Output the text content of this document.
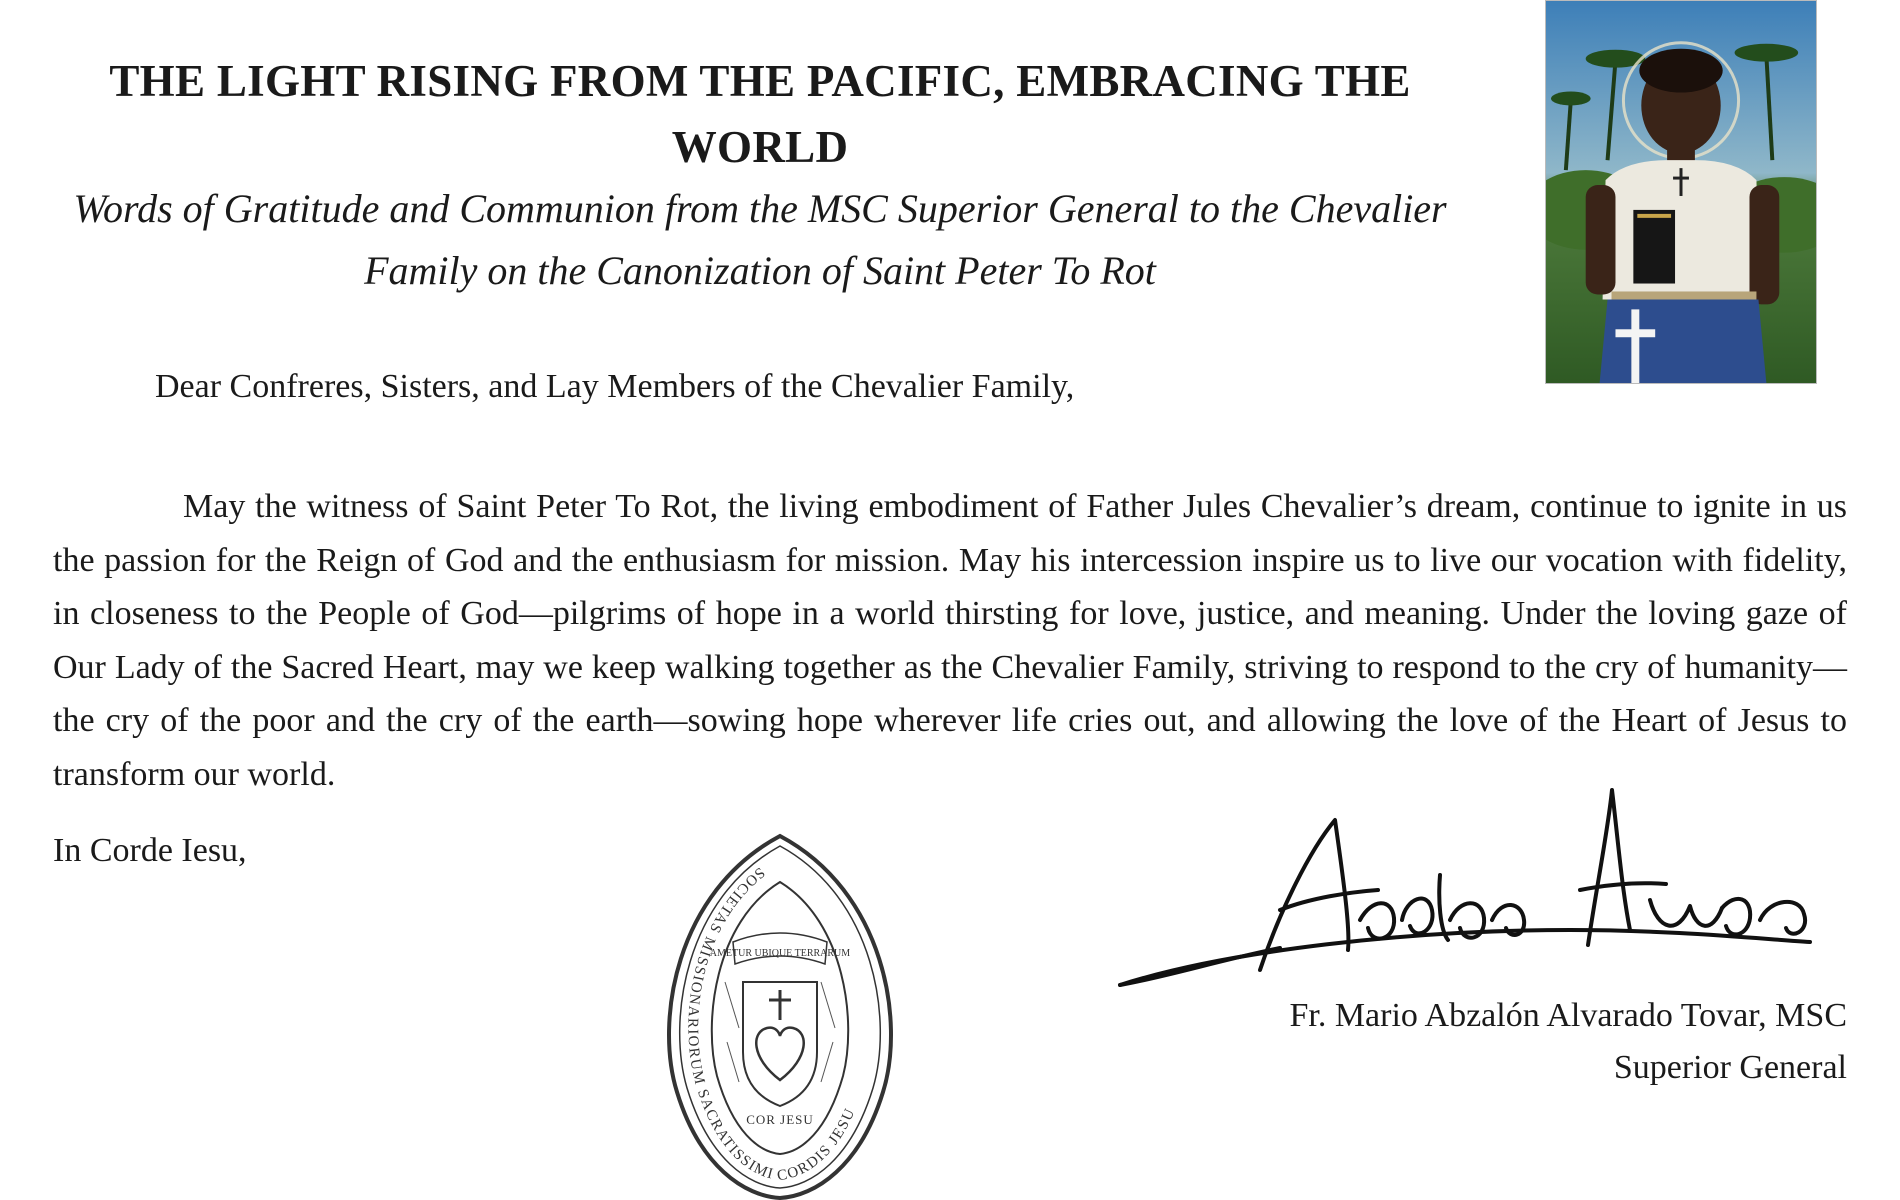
THE LIGHT RISING FROM THE PACIFIC, EMBRACING THE WORLD

Words of Gratitude and Communion from the MSC Superior General to the Chevalier Family on the Canonization of Saint Peter To Rot

Dear Confreres, Sisters, and Lay Members of the Chevalier Family,

May the witness of Saint Peter To Rot, the living embodiment of Father Jules Chevalier’s dream, continue to ignite in us the passion for the Reign of God and the enthusiasm for mission. May his intercession inspire us to live our vocation with fidelity, in closeness to the People of God—pilgrims of hope in a world thirsting for love, justice, and meaning. Under the loving gaze of Our Lady of the Sacred Heart, may we keep walking together as the Chevalier Family, striving to respond to the cry of humanity—the cry of the poor and the cry of the earth—sowing hope wherever life cries out, and allowing the love of the Heart of Jesus to transform our world.

In Corde Iesu,

SOCIETAS MISSIONARIORUM SACRATISSIMI CORDIS JESU
AMETUR UBIQUE TERRARUM
COR JESU

Fr. Mario Abzalón Alvarado Tovar, MSC

Superior General
